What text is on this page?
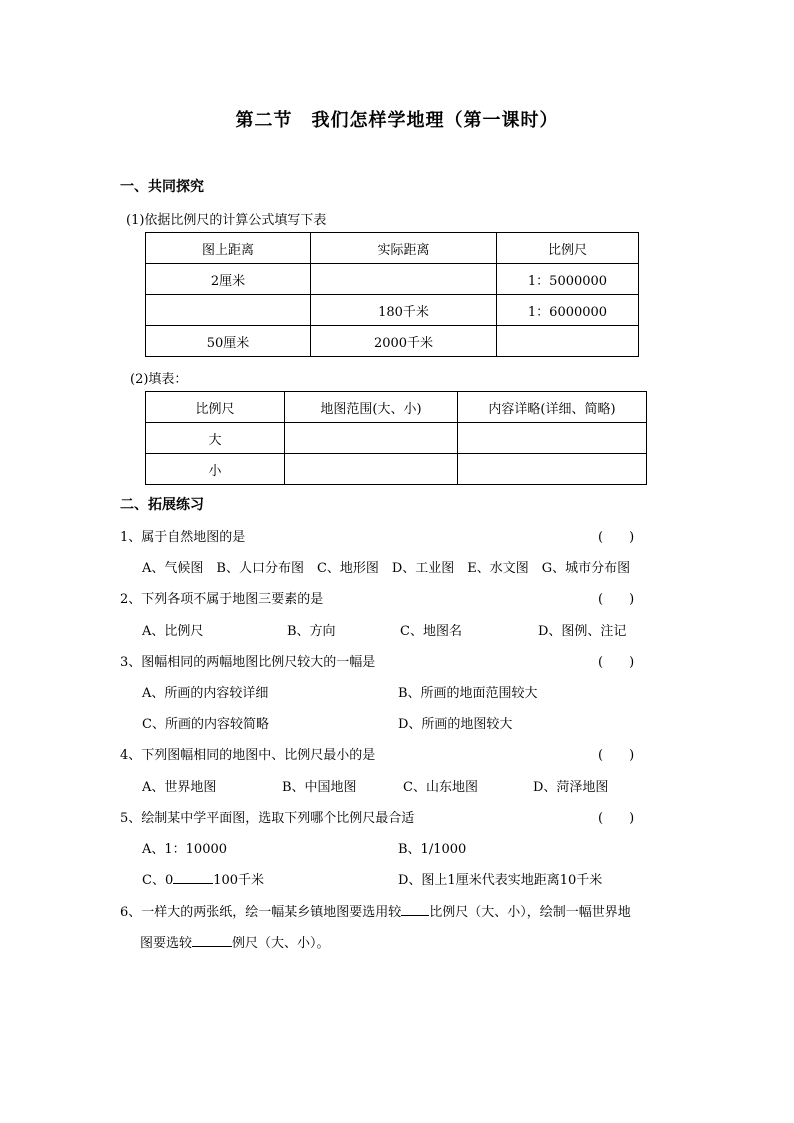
第二节　我们怎样学地理（第一课时）
一、共同探究
(1)依据比例尺的计算公式填写下表
图上距离	实际距离	比例尺
2厘米		1：5000000
	180千米	1：6000000
50厘米	2000千米	
(2)填表：
比例尺	地图范围(大、小)	内容详略(详细、简略)
大		
小		
二、拓展练习
1、属于自然地图的是	(　　)
A、气候图　B、人口分布图　C、地形图　D、工业图　E、水文图　G、城市分布图
2、下列各项不属于地图三要素的是	(　　)
A、比例尺	B、方向	C、地图名	D、图例、注记
3、图幅相同的两幅地图比例尺较大的一幅是	(　　)
A、所画的内容较详细	B、所画的地面范围较大
C、所画的内容较简略	D、所画的地图较大
4、下列图幅相同的地图中、比例尺最小的是	(　　)
A、世界地图	B、中国地图	C、山东地图	D、菏泽地图
5、绘制某中学平面图，选取下列哪个比例尺最合适	(　　)
A、1：10000	B、1/1000
C、0	100千米	D、图上1厘米代表实地距离10千米
6、一样大的两张纸，绘一幅某乡镇地图要选用较 比例尺（大、小），绘制一幅世界地
图要选较	例尺（大、小）。
